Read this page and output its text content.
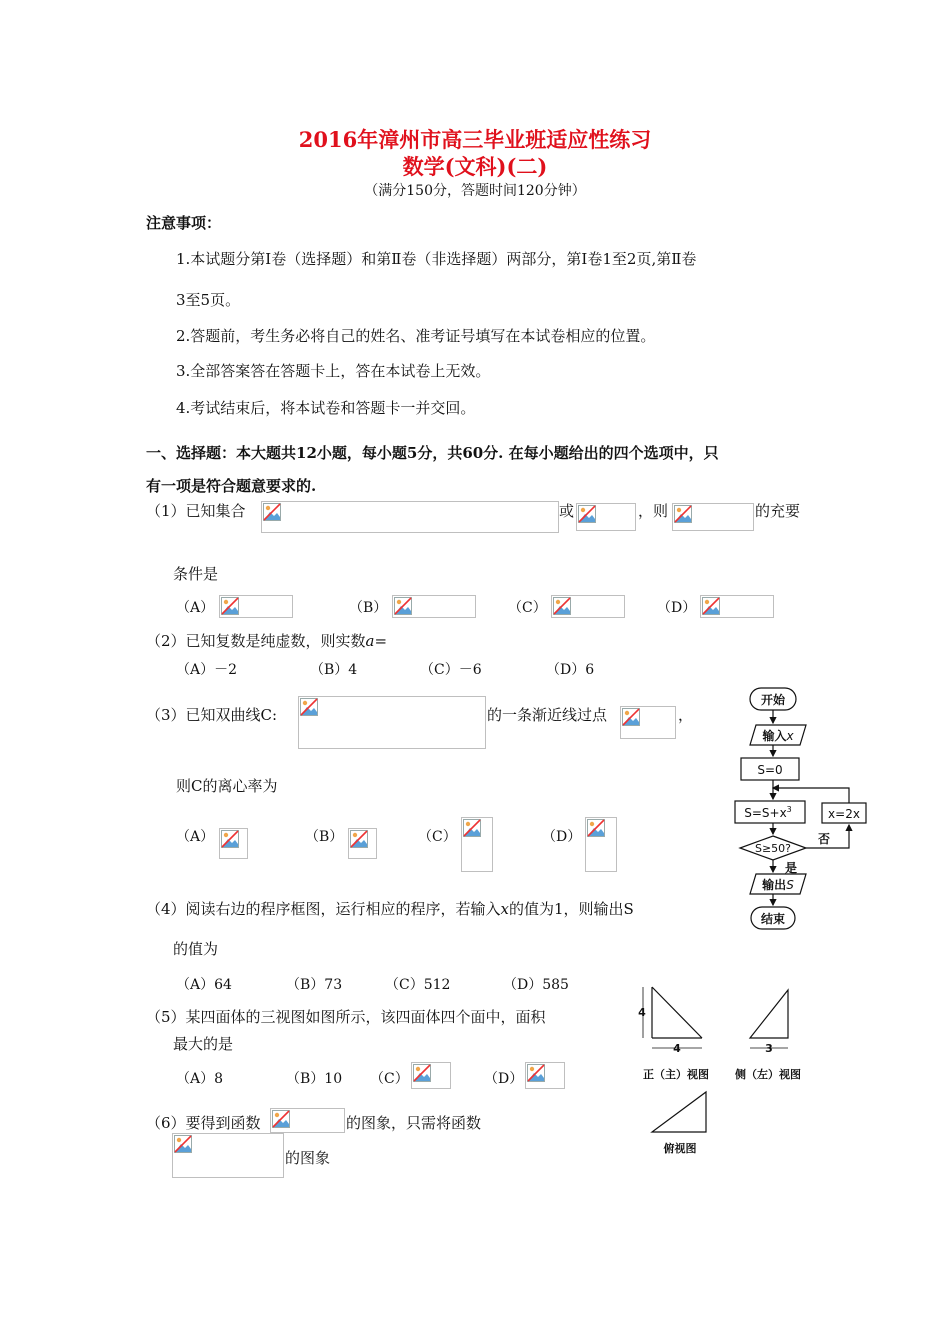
2016年漳州市高三毕业班适应性练习
数学(文科)(二)
（满分150分，答题时间120分钟）
注意事项：
1.本试题分第Ⅰ卷（选择题）和第Ⅱ卷（非选择题）两部分，第Ⅰ卷1至2页,第Ⅱ卷
3至5页。
2.答题前，考生务必将自己的姓名、准考证号填写在本试卷相应的位置。
3.全部答案答在答题卡上，答在本试卷上无效。
4.考试结束后，将本试卷和答题卡一并交回。
一、选择题：本大题共12小题，每小题5分，共60分. 在每小题给出的四个选项中，只
有一项是符合题意要求的.
（1）已知集合	或	，则	的充要
条件是
（A）	（B）	（C）	（D）
（2）已知复数是纯虚数，则实数a=
（A）－2	（B）4	（C）－6	（D）6
（3）已知双曲线C:	的一条渐近线过点	，
则C的离心率为
（A）	（B）	（C）	（D）
（4）阅读右边的程序框图，运行相应的程序，若输入x的值为1，则输出S
的值为
（A）64	（B）73	（C）512	（D）585
（5）某四面体的三视图如图所示，该四面体四个面中，面积
最大的是
（A）8	（B）10 （C）	（D）
（6）要得到函数	的图象，只需将函数
的图象
开始
输入x
S=0
$S=S+x^3$	x=2x
S≥50?
否
是
输出S
结束
4
4	3
正（主）视图 侧（左）视图
俯视图
